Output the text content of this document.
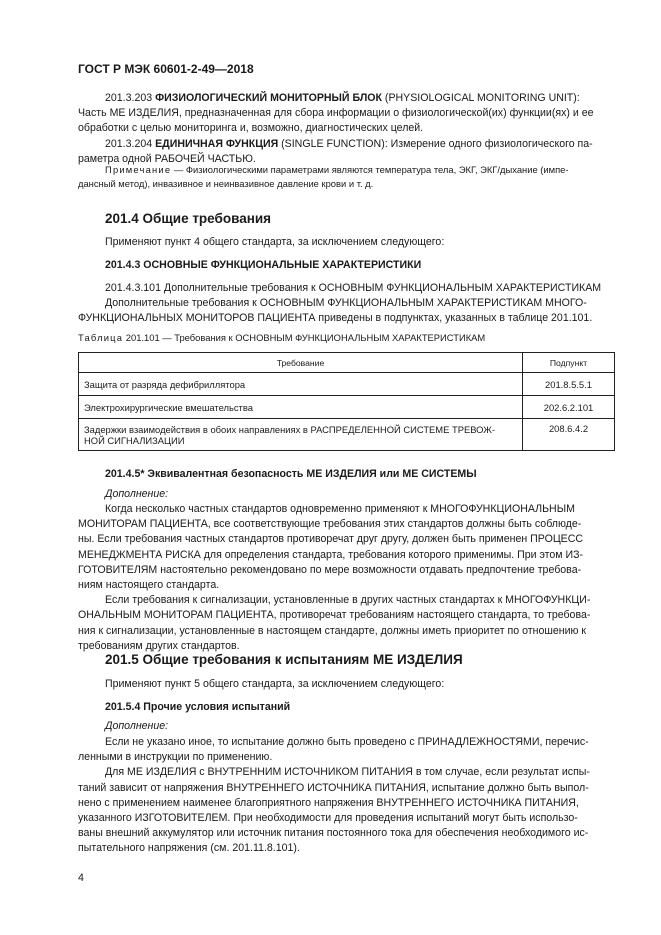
ГОСТ Р МЭК 60601-2-49—2018

201.3.203 ФИЗИОЛОГИЧЕСКИЙ МОНИТОРНЫЙ БЛОК (PHYSIOLOGICAL MONITORING UNIT):
Часть МЕ ИЗДЕЛИЯ, предназначенная для сбора информации о физиологической(их) функции(ях) и ее
обработки с целью мониторинга и, возможно, диагностических целей.

201.3.204 ЕДИНИЧНАЯ ФУНКЦИЯ (SINGLE FUNCTION): Измерение одного физиологического па-
раметра одной РАБОЧЕЙ ЧАСТЬЮ.

Примечание — Физиологическими параметрами являются температура тела, ЭКГ, ЭКГ/дыхание (импе-
дансный метод), инвазивное и неинвазивное давление крови и т. д.
201.4 Общие требования
Применяют пункт 4 общего стандарта, за исключением следующего:
201.4.3 ОСНОВНЫЕ ФУНКЦИОНАЛЬНЫЕ ХАРАКТЕРИСТИКИ
201.4.3.101 Дополнительные требования к ОСНОВНЫМ ФУНКЦИОНАЛЬНЫМ ХАРАКТЕРИСТИКАМ
Дополнительные требования к ОСНОВНЫМ ФУНКЦИОНАЛЬНЫМ ХАРАКТЕРИСТИКАМ МНОГО-
ФУНКЦИОНАЛЬНЫХ МОНИТОРОВ ПАЦИЕНТА приведены в подпунктах, указанных в таблице 201.101.
Таблица 201.101 — Требования к ОСНОВНЫМ ФУНКЦИОНАЛЬНЫМ ХАРАКТЕРИСТИКАМ
Требование	Подпункт
Защита от разряда дефибриллятора	201.8.5.5.1
Электрохирургические вмешательства	202.6.2.101
Задержки взаимодействия в обоих направлениях в РАСПРЕДЕЛЕННОЙ СИСТЕМЕ ТРЕВОЖ-
НОЙ СИГНАЛИЗАЦИИ	208.6.4.2
201.4.5* Эквивалентная безопасность МЕ ИЗДЕЛИЯ или МЕ СИСТЕМЫ
Дополнение:
Когда несколько частных стандартов одновременно применяют к МНОГОФУНКЦИОНАЛЬНЫМ
МОНИТОРАМ ПАЦИЕНТА, все соответствующие требования этих стандартов должны быть соблюде-
ны. Если требования частных стандартов противоречат друг другу, должен быть применен ПРОЦЕСС
МЕНЕДЖМЕНТА РИСКА для определения стандарта, требования которого применимы. При этом ИЗ-
ГОТОВИТЕЛЯМ настоятельно рекомендовано по мере возможности отдавать предпочтение требова-
ниям настоящего стандарта.
Если требования к сигнализации, установленные в других частных стандартах к МНОГОФУНКЦИ-
ОНАЛЬНЫМ МОНИТОРАМ ПАЦИЕНТА, противоречат требованиям настоящего стандарта, то требова-
ния к сигнализации, установленные в настоящем стандарте, должны иметь приоритет по отношению к
требованиям других стандартов.
201.5 Общие требования к испытаниям МЕ ИЗДЕЛИЯ
Применяют пункт 5 общего стандарта, за исключением следующего:
201.5.4 Прочие условия испытаний
Дополнение:
Если не указано иное, то испытание должно быть проведено с ПРИНАДЛЕЖНОСТЯМИ, перечис-
ленными в инструкции по применению.
Для МЕ ИЗДЕЛИЯ с ВНУТРЕННИМ ИСТОЧНИКОМ ПИТАНИЯ в том случае, если результат испы-
таний зависит от напряжения ВНУТРЕННЕГО ИСТОЧНИКА ПИТАНИЯ, испытание должно быть выпол-
нено с применением наименее благоприятного напряжения ВНУТРЕННЕГО ИСТОЧНИКА ПИТАНИЯ,
указанного ИЗГОТОВИТЕЛЕМ. При необходимости для проведения испытаний могут быть использо-
ваны внешний аккумулятор или источник питания постоянного тока для обеспечения необходимого ис-
пытательного напряжения (см. 201.11.8.101).
4
